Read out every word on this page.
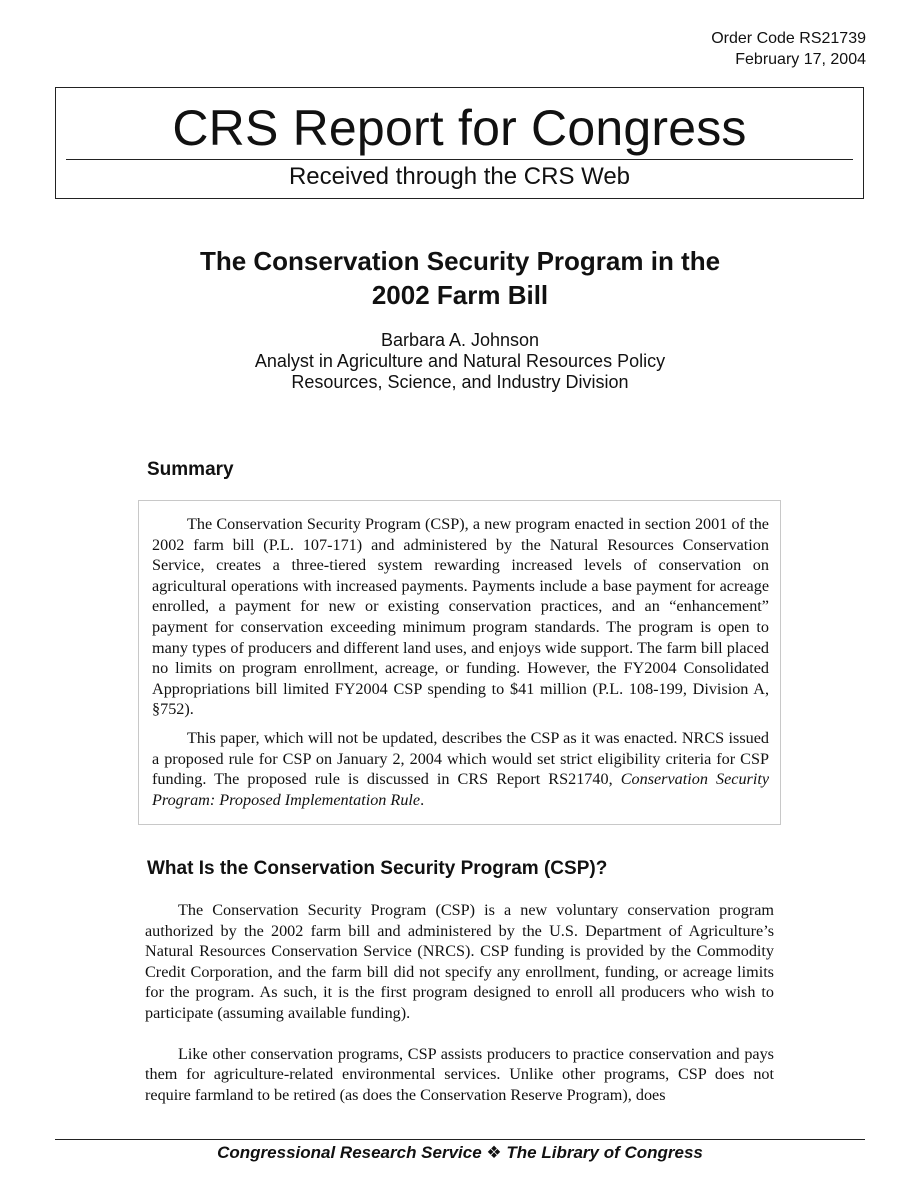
Order Code RS21739
February 17, 2004
CRS Report for Congress
Received through the CRS Web
The Conservation Security Program in the
2002 Farm Bill
Barbara A. Johnson
Analyst in Agriculture and Natural Resources Policy
Resources, Science, and Industry Division
Summary

The Conservation Security Program (CSP), a new program enacted in section 2001 of the 2002 farm bill (P.L. 107-171) and administered by the Natural Resources Conservation Service, creates a three-tiered system rewarding increased levels of conservation on agricultural operations with increased payments. Payments include a base payment for acreage enrolled, a payment for new or existing conservation practices, and an “enhancement” payment for conservation exceeding minimum program standards. The program is open to many types of producers and different land uses, and enjoys wide support. The farm bill placed no limits on program enrollment, acreage, or funding. However, the FY2004 Consolidated Appropriations bill limited FY2004 CSP spending to $41 million (P.L. 108-199, Division A, §752).

This paper, which will not be updated, describes the CSP as it was enacted. NRCS issued a proposed rule for CSP on January 2, 2004 which would set strict eligibility criteria for CSP funding. The proposed rule is discussed in CRS Report RS21740, Conservation Security Program: Proposed Implementation Rule.

What Is the Conservation Security Program (CSP)?

The Conservation Security Program (CSP) is a new voluntary conservation program authorized by the 2002 farm bill and administered by the U.S. Department of Agriculture’s Natural Resources Conservation Service (NRCS). CSP funding is provided by the Commodity Credit Corporation, and the farm bill did not specify any enrollment, funding, or acreage limits for the program. As such, it is the first program designed to enroll all producers who wish to participate (assuming available funding).

Like other conservation programs, CSP assists producers to practice conservation and pays them for agriculture-related environmental services. Unlike other programs, CSP does not require farmland to be retired (as does the Conservation Reserve Program), does

Congressional Research Service ❖ The Library of Congress
